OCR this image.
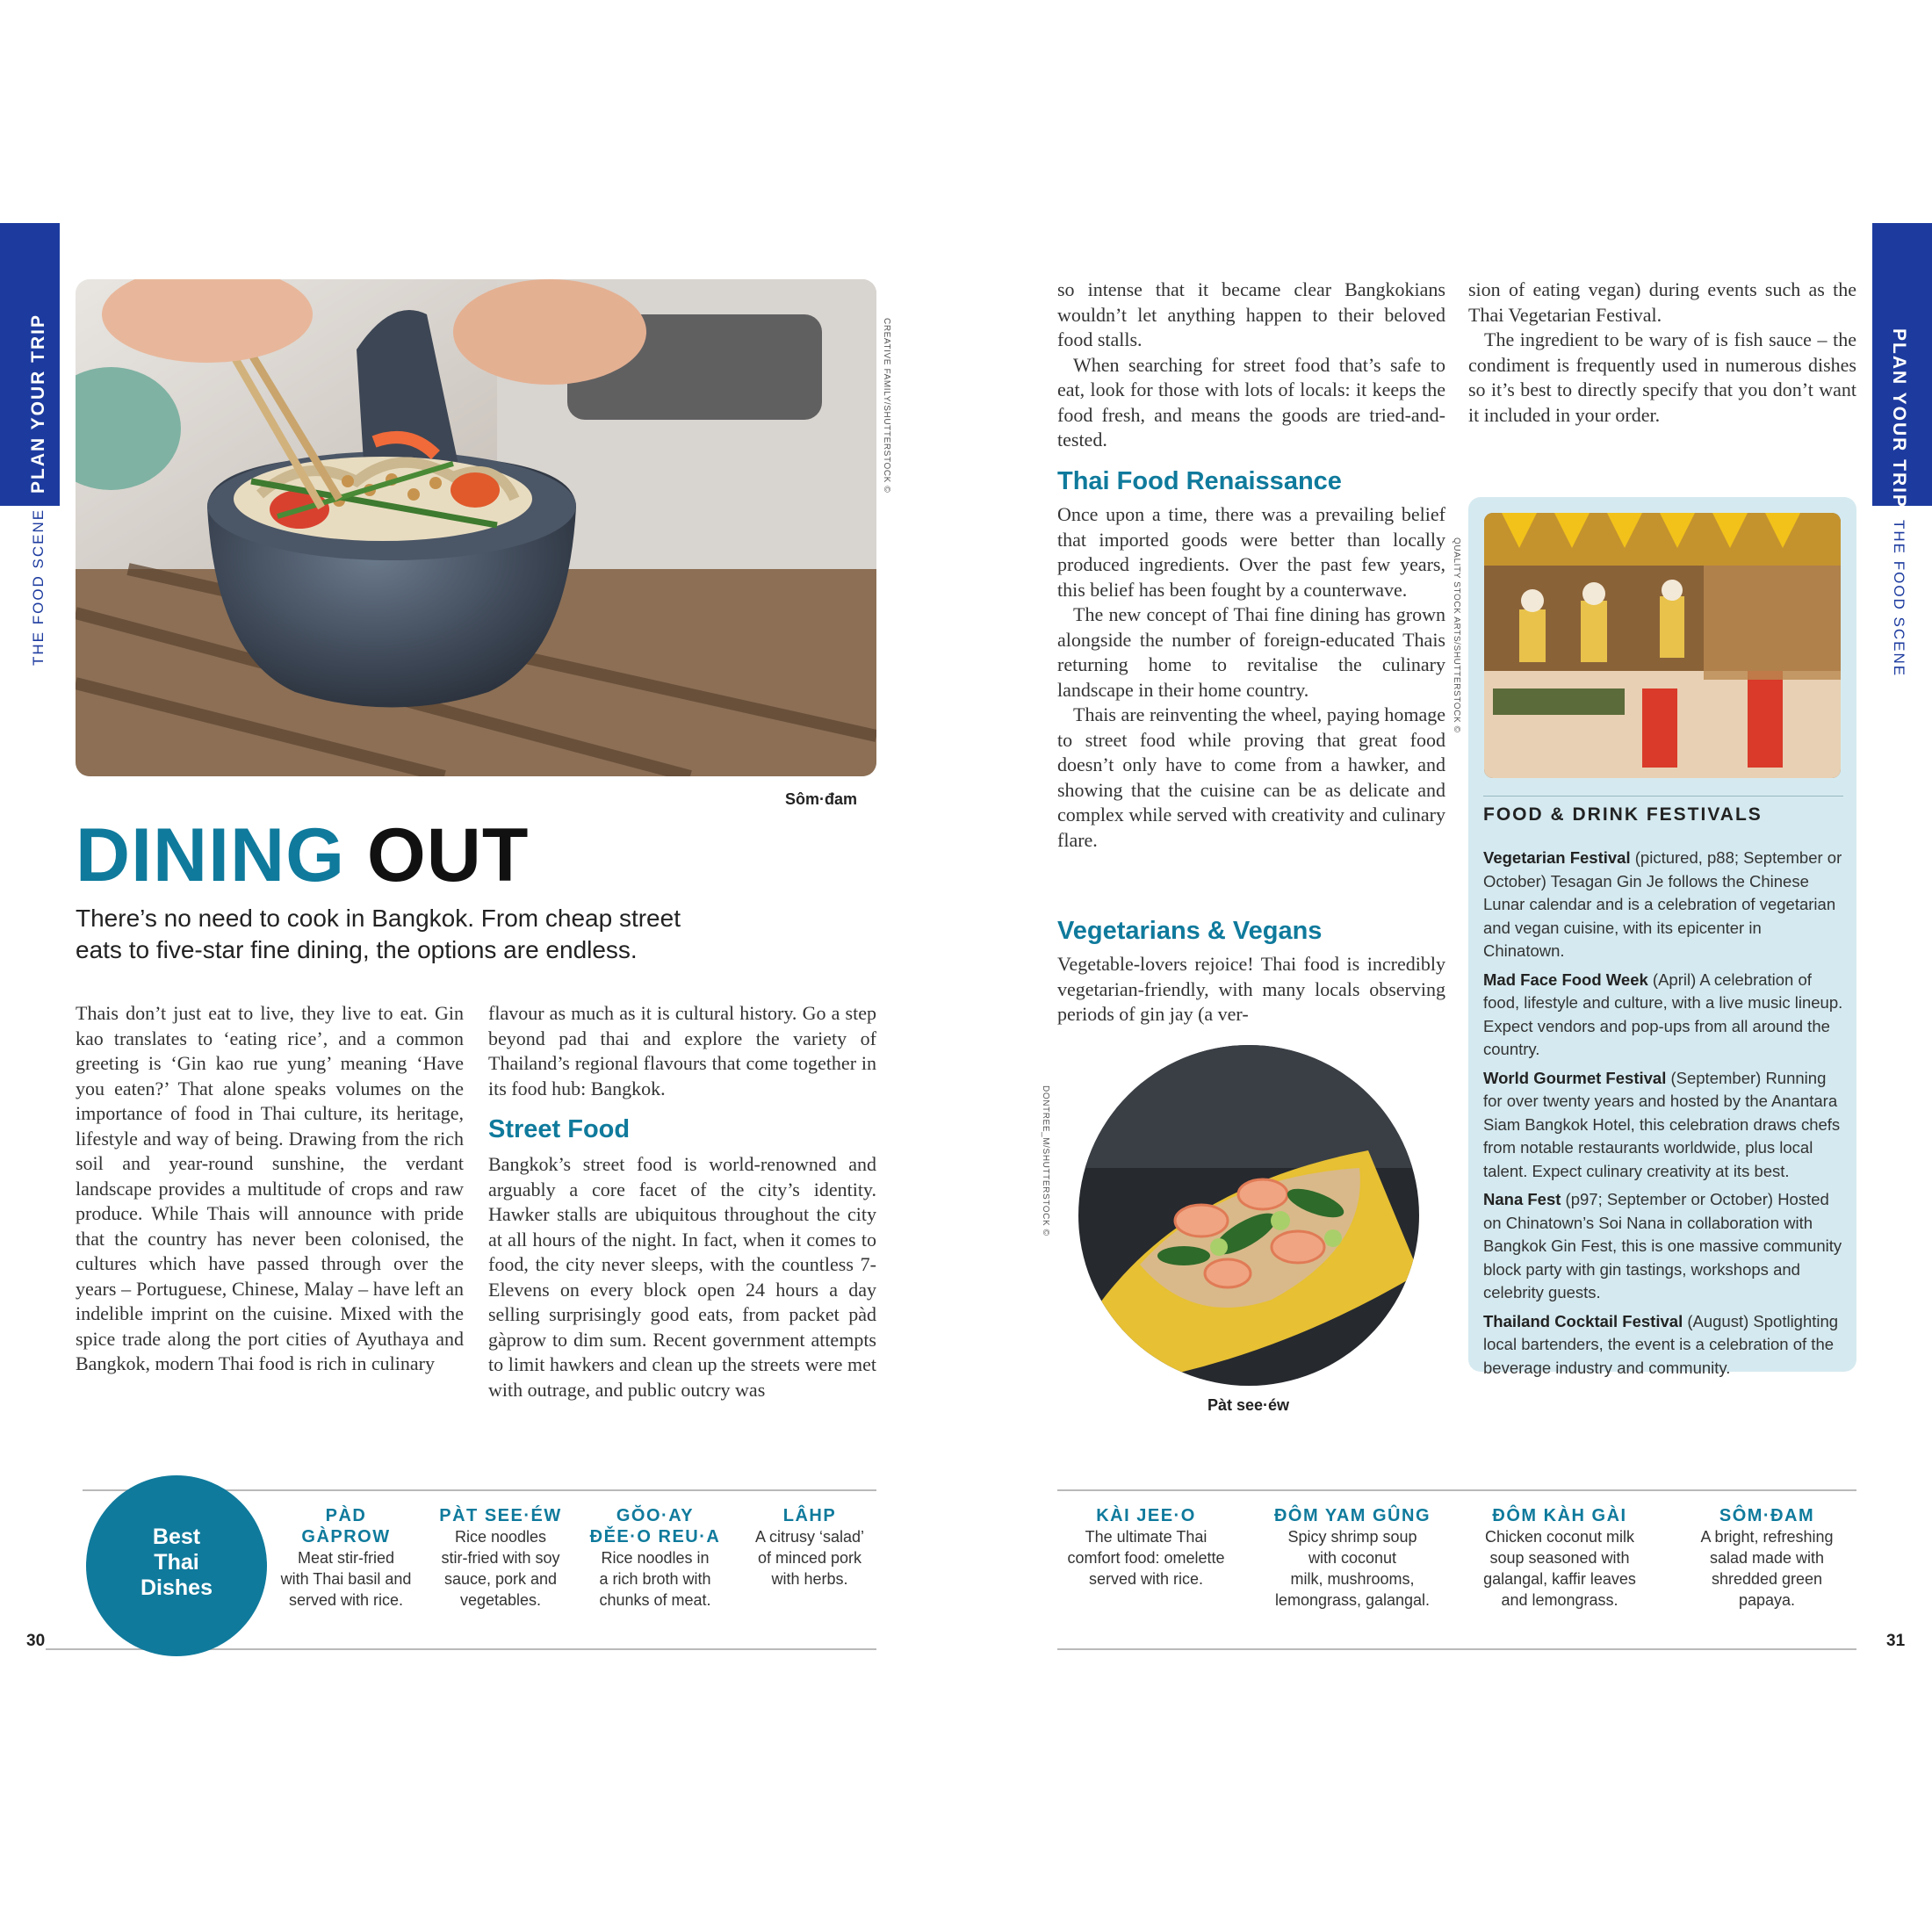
PLAN YOUR TRIP
THE FOOD SCENE
PLAN YOUR TRIP
THE FOOD SCENE
CREATIVE FAMILY/SHUTTERSTOCK ©
Sôm·đam
DINING OUT
There’s no need to cook in Bangkok. From cheap street
eats to five-star fine dining, the options are endless.

Thais don’t just eat to live, they live to eat. Gin kao translates to ‘eating rice’, and a common greeting is ‘Gin kao rue yung’ meaning ‘Have you eaten?’ That alone speaks volumes on the importance of food in Thai culture, its heritage, lifestyle and way of being. Drawing from the rich soil and year-round sunshine, the verdant landscape provides a multitude of crops and raw produce. While Thais will announce with pride that the country has never been colonised, the cultures which have passed through over the years – Portuguese, Chinese, Malay – have left an indelible imprint on the cuisine. Mixed with the spice trade along the port cities of Ayuthaya and Bangkok, modern Thai food is rich in culinary

flavour as much as it is cultural history. Go a step beyond pad thai and explore the variety of Thailand’s regional flavours that come together in its food hub: Bangkok.

Street Food

Bangkok’s street food is world-renowned and arguably a core facet of the city’s identity. Hawker stalls are ubiquitous throughout the city at all hours of the night. In fact, when it comes to food, the city never sleeps, with the countless 7-Elevens on every block open 24 hours a day selling surprisingly good eats, from packet pàd gàprow to dim sum. Recent government attempts to limit hawkers and clean up the streets were met with outrage, and public outcry was

so intense that it became clear Bangkokians wouldn’t let anything happen to their beloved food stalls.

When searching for street food that’s safe to eat, look for those with lots of locals: it keeps the food fresh, and means the goods are tried-and-tested.

Thai Food Renaissance

Once upon a time, there was a prevailing belief that imported goods were better than locally produced ingredients. Over the past few years, this belief has been fought by a counterwave.

The new concept of Thai fine dining has grown alongside the number of foreign-educated Thais returning home to revitalise the culinary landscape in their home country.

Thais are reinventing the wheel, paying homage to street food while proving that great food doesn’t only have to come from a hawker, and showing that the cuisine can be as delicate and complex while served with creativity and culinary flare.

Vegetarians & Vegans

Vegetable-lovers rejoice! Thai food is incredibly vegetarian-friendly, with many locals observing periods of gin jay (a ver-

sion of eating vegan) during events such as the Thai Vegetarian Festival.

The ingredient to be wary of is fish sauce – the condiment is frequently used in numerous dishes so it’s best to directly specify that you don’t want it included in your order.

DONTREE_M/SHUTTERSTOCK ©
Pàt see·éw
QUALITY STOCK ARTS/SHUTTERSTOCK ©
FOOD & DRINK FESTIVALS
Vegetarian Festival (pictured, p88; September or October) Tesagan Gin Je follows the Chinese Lunar calendar and is a celebration of vegetarian and vegan cuisine, with its epicenter in Chinatown.
Mad Face Food Week (April) A celebration of food, lifestyle and culture, with a live music lineup. Expect vendors and pop-ups from all around the country.
World Gourmet Festival (September) Running for over twenty years and hosted by the Anantara Siam Bangkok Hotel, this celebration draws chefs from notable restaurants worldwide, plus local talent. Expect culinary creativity at its best.
Nana Fest (p97; September or October) Hosted on Chinatown’s Soi Nana in collaboration with Bangkok Gin Fest, this is one massive community block party with gin tastings, workshops and celebrity guests.
Thailand Cocktail Festival (August) Spotlighting local bartenders, the event is a celebration of the beverage industry and community.
Best
Thai
Dishes
PÀD
GÀPROW
Meat stir-fried
with Thai basil and
served with rice.
PÀT SEE·ÉW
Rice noodles
stir-fried with soy
sauce, pork and
vegetables.
GŎO·AY
ĐĚE·O REU·A
Rice noodles in
a rich broth with
chunks of meat.
LÂHP
A citrusy ‘salad’
of minced pork
with herbs.
KÀI JEE·O
The ultimate Thai
comfort food: omelette
served with rice.
ĐÔM YAM GÛNG
Spicy shrimp soup
with coconut
milk, mushrooms,
lemongrass, galangal.
ĐÔM KÀH GÀI
Chicken coconut milk
soup seasoned with
galangal, kaffir leaves
and lemongrass.
SÔM·ĐAM
A bright, refreshing
salad made with
shredded green
papaya.
30	31
